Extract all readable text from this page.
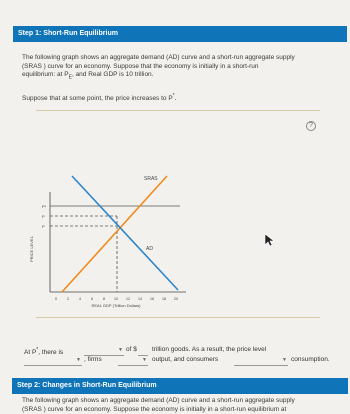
Step 1: Short-Run Equilibrium
The following graph shows an aggregate demand (AD) curve and a short-run aggregate supply
(SRAS ) curve for an economy. Suppose that the economy is initially in a short-run
equilibrium: at $P_E$, and Real GDP is 10 trillion.
Suppose that at some point, the price increases to P*.
?
SRAS
AD
P*
P
P
PRICE LEVEL
0	2	4	6	8	10 12 14 16 18 20
REAL GDP (Trillion Dollars)
At P*, there is	▼ of $ trillion goods. As a result, the price level
▼ , firms	▼ output, and consumers	▼ consumption.
Step 2: Changes in Short-Run Equilibrium
The following graph shows an aggregate demand (AD) curve and a short-run aggregate supply
(SRAS ) curve for an economy. Suppose the economy is initially in a short-run equilibrium at
